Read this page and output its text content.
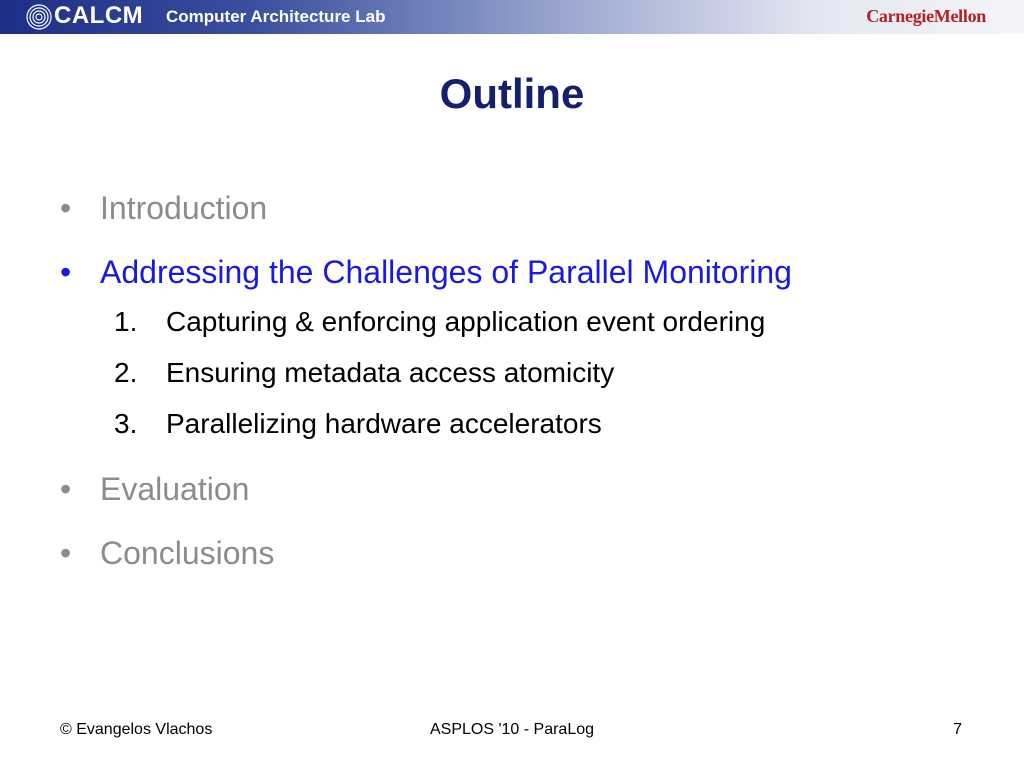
CALCM Computer Architecture Lab	CarnegieMellon
Outline
• Introduction
• Addressing the Challenges of Parallel Monitoring
1. Capturing & enforcing application event ordering
2. Ensuring metadata access atomicity
3. Parallelizing hardware accelerators
• Evaluation
• Conclusions
© Evangelos Vlachos	ASPLOS '10 - ParaLog	7
